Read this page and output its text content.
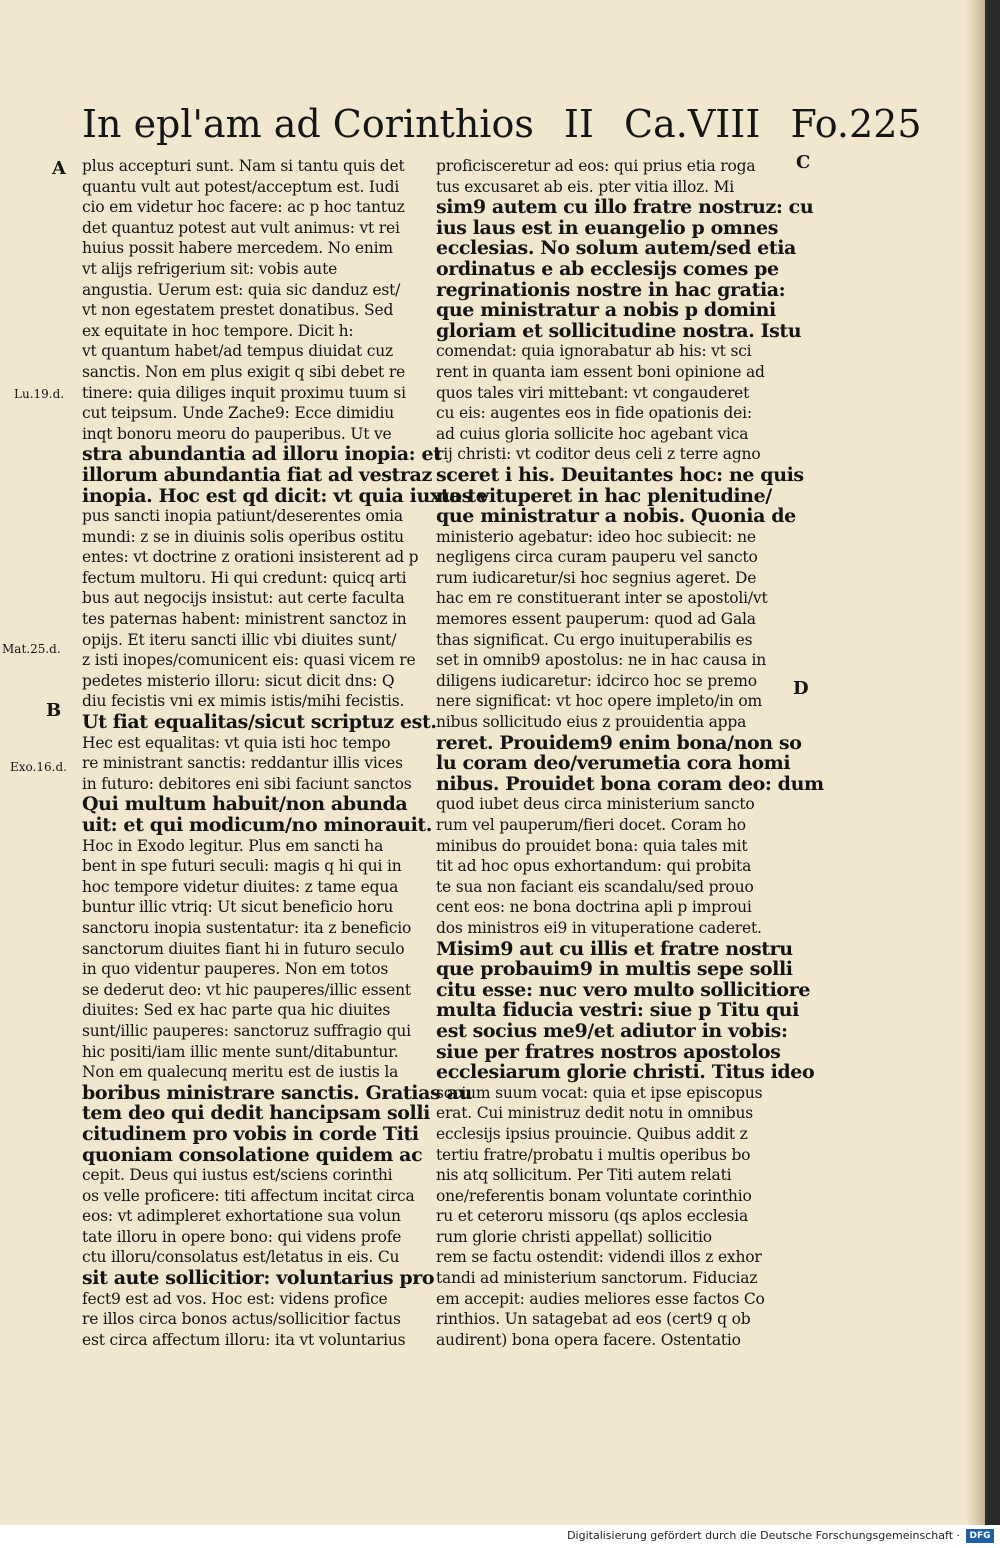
In epl'am ad Corinthios II Ca.VIII Fo.225
A
Lu.19.d.
Mat.25.d.
B
Exo.16.d.
C
D
plus accepturi sunt. Nam si tantu quis det
quantu vult aut potest/acceptum est. Iudi
cio em videtur hoc facere: ac p hoc tantuz
det quantuz potest aut vult animus: vt rei
huius possit habere mercedem. No enim
vt alijs refrigerium sit: vobis aute
angustia. Uerum est: quia sic danduz est/
vt non egestatem prestet donatibus. Sed
ex equitate in hoc tempore. Dicit h:
vt quantum habet/ad tempus diuidat cuz
sanctis. Non em plus exigit q sibi debet re
tinere: quia diliges inquit proximu tuum si
cut teipsum. Unde Zache9: Ecce dimidiu
inqt bonoru meoru do pauperibus. Ut ve
stra abundantia ad illoru inopia: et
illorum abundantia fiat ad vestraz
inopia. Hoc est qd dicit: vt quia iuxta te
pus sancti inopia patiunt/deserentes omia
mundi: z se in diuinis solis operibus ostitu
entes: vt doctrine z orationi insisterent ad p
fectum multoru. Hi qui credunt: quicq arti
bus aut negocijs insistut: aut certe faculta
tes paternas habent: ministrent sanctoz in
opijs. Et iteru sancti illic vbi diuites sunt/
z isti inopes/comunicent eis: quasi vicem re
pedetes misterio illoru: sicut dicit dns: Q
diu fecistis vni ex mimis istis/mihi fecistis.
Ut fiat equalitas/sicut scriptuz est.
Hec est equalitas: vt quia isti hoc tempo
re ministrant sanctis: reddantur illis vices
in futuro: debitores eni sibi faciunt sanctos
Qui multum habuit/non abunda
uit: et qui modicum/no minorauit.
Hoc in Exodo legitur. Plus em sancti ha
bent in spe futuri seculi: magis q hi qui in
hoc tempore videtur diuites: z tame equa
buntur illic vtriq: Ut sicut beneficio horu
sanctoru inopia sustentatur: ita z beneficio
sanctorum diuites fiant hi in futuro seculo
in quo videntur pauperes. Non em totos
se dederut deo: vt hic pauperes/illic essent
diuites: Sed ex hac parte qua hic diuites
sunt/illic pauperes: sanctoruz suffragio qui
hic positi/iam illic mente sunt/ditabuntur.
Non em qualecunq meritu est de iustis la
boribus ministrare sanctis. Gratias au
tem deo qui dedit hancipsam solli
citudinem pro vobis in corde Titi
quoniam consolatione quidem ac
cepit. Deus qui iustus est/sciens corinthi
os velle proficere: titi affectum incitat circa
eos: vt adimpleret exhortatione sua volun
tate illoru in opere bono: qui videns profe
ctu illoru/consolatus est/letatus in eis. Cu
sit aute sollicitior: voluntarius pro
fect9 est ad vos. Hoc est: videns profice
re illos circa bonos actus/sollicitior factus
est circa affectum illoru: ita vt voluntarius
proficisceretur ad eos: qui prius etia roga
tus excusaret ab eis. pter vitia illoz. Mi
sim9 autem cu illo fratre nostruz: cu
ius laus est in euangelio p omnes
ecclesias. No solum autem/sed etia
ordinatus e ab ecclesijs comes pe
regrinationis nostre in hac gratia:
que ministratur a nobis p domini
gloriam et sollicitudine nostra. Istu
comendat: quia ignorabatur ab his: vt sci
rent in quanta iam essent boni opinione ad
quos tales viri mittebant: vt congauderet
cu eis: augentes eos in fide opationis dei:
ad cuius gloria sollicite hoc agebant vica
rij christi: vt coditor deus celi z terre agno
sceret i his. Deuitantes hoc: ne quis
nos vituperet in hac plenitudine/
que ministratur a nobis. Quonia de
ministerio agebatur: ideo hoc subiecit: ne
negligens circa curam pauperu vel sancto
rum iudicaretur/si hoc segnius ageret. De
hac em re constituerant inter se apostoli/vt
memores essent pauperum: quod ad Gala
thas significat. Cu ergo inuituperabilis es
set in omnib9 apostolus: ne in hac causa in
diligens iudicaretur: idcirco hoc se premo
nere significat: vt hoc opere impleto/in om
nibus sollicitudo eius z prouidentia appa
reret. Prouidem9 enim bona/non so
lu coram deo/verumetia cora homi
nibus. Prouidet bona coram deo: dum
quod iubet deus circa ministerium sancto
rum vel pauperum/fieri docet. Coram ho
minibus do prouidet bona: quia tales mit
tit ad hoc opus exhortandum: qui probita
te sua non faciant eis scandalu/sed prouo
cent eos: ne bona doctrina apli p improui
dos ministros ei9 in vituperatione caderet.
Misim9 aut cu illis et fratre nostru
que probauim9 in multis sepe solli
citu esse: nuc vero multo sollicitiore
multa fiducia vestri: siue p Titu qui
est socius me9/et adiutor in vobis:
siue per fratres nostros apostolos
ecclesiarum glorie christi. Titus ideo
socium suum vocat: quia et ipse episcopus
erat. Cui ministruz dedit notu in omnibus
ecclesijs ipsius prouincie. Quibus addit z
tertiu fratre/probatu i multis operibus bo
nis atq sollicitum. Per Titi autem relati
one/referentis bonam voluntate corinthio
ru et ceteroru missoru (qs aplos ecclesia
rum glorie christi appellat) sollicitio
rem se factu ostendit: videndi illos z exhor
tandi ad ministerium sanctorum. Fiduciaz
em accepit: audies meliores esse factos Co
rinthios. Un satagebat ad eos (cert9 q ob
audirent) bona opera facere. Ostentatio
Digitalisierung gefördert durch die Deutsche Forschungsgemeinschaft ·	DFG
